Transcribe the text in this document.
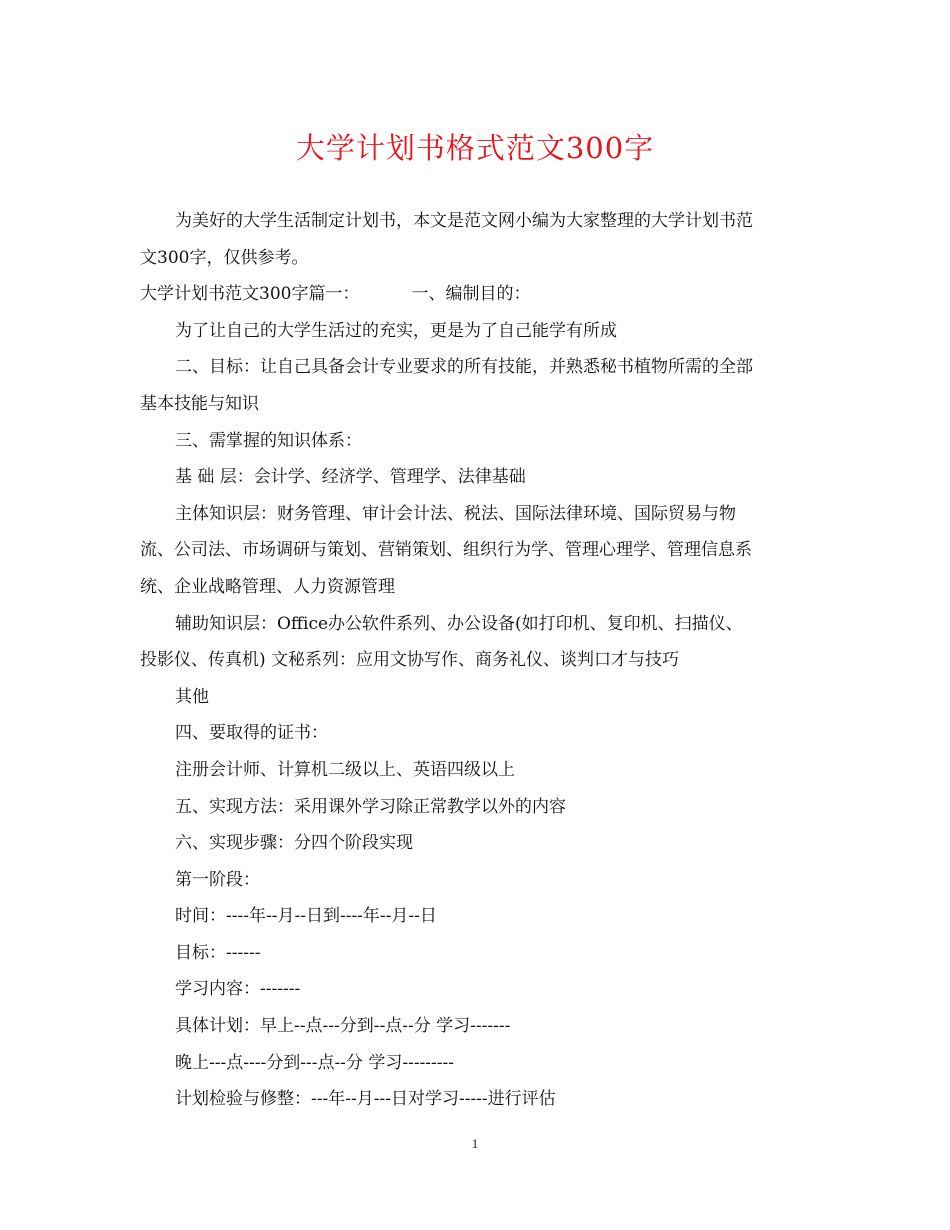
大学计划书格式范文300字
为美好的大学生活制定计划书，本文是范文网小编为大家整理的大学计划书范
文300字，仅供参考。
大学计划书范文300字篇一：	一、编制目的：
为了让自己的大学生活过的充实，更是为了自己能学有所成
二、目标：让自己具备会计专业要求的所有技能，并熟悉秘书植物所需的全部
基本技能与知识
三、需掌握的知识体系：
基 础 层：会计学、经济学、管理学、法律基础
主体知识层：财务管理、审计会计法、税法、国际法律环境、国际贸易与物
流、公司法、市场调研与策划、营销策划、组织行为学、管理心理学、管理信息系
统、企业战略管理、人力资源管理
辅助知识层：Office办公软件系列、办公设备(如打印机、复印机、扫描仪、
投影仪、传真机) 文秘系列：应用文协写作、商务礼仪、谈判口才与技巧
其他
四、要取得的证书：
注册会计师、计算机二级以上、英语四级以上
五、实现方法：采用课外学习除正常教学以外的内容
六、实现步骤：分四个阶段实现
第一阶段：
时间：----年--月--日到----年--月--日
目标：------
学习内容：-------
具体计划：早上--点---分到--点--分 学习-------
晚上---点----分到---点--分 学习---------
计划检验与修整：---年--月---日对学习-----进行评估
1
